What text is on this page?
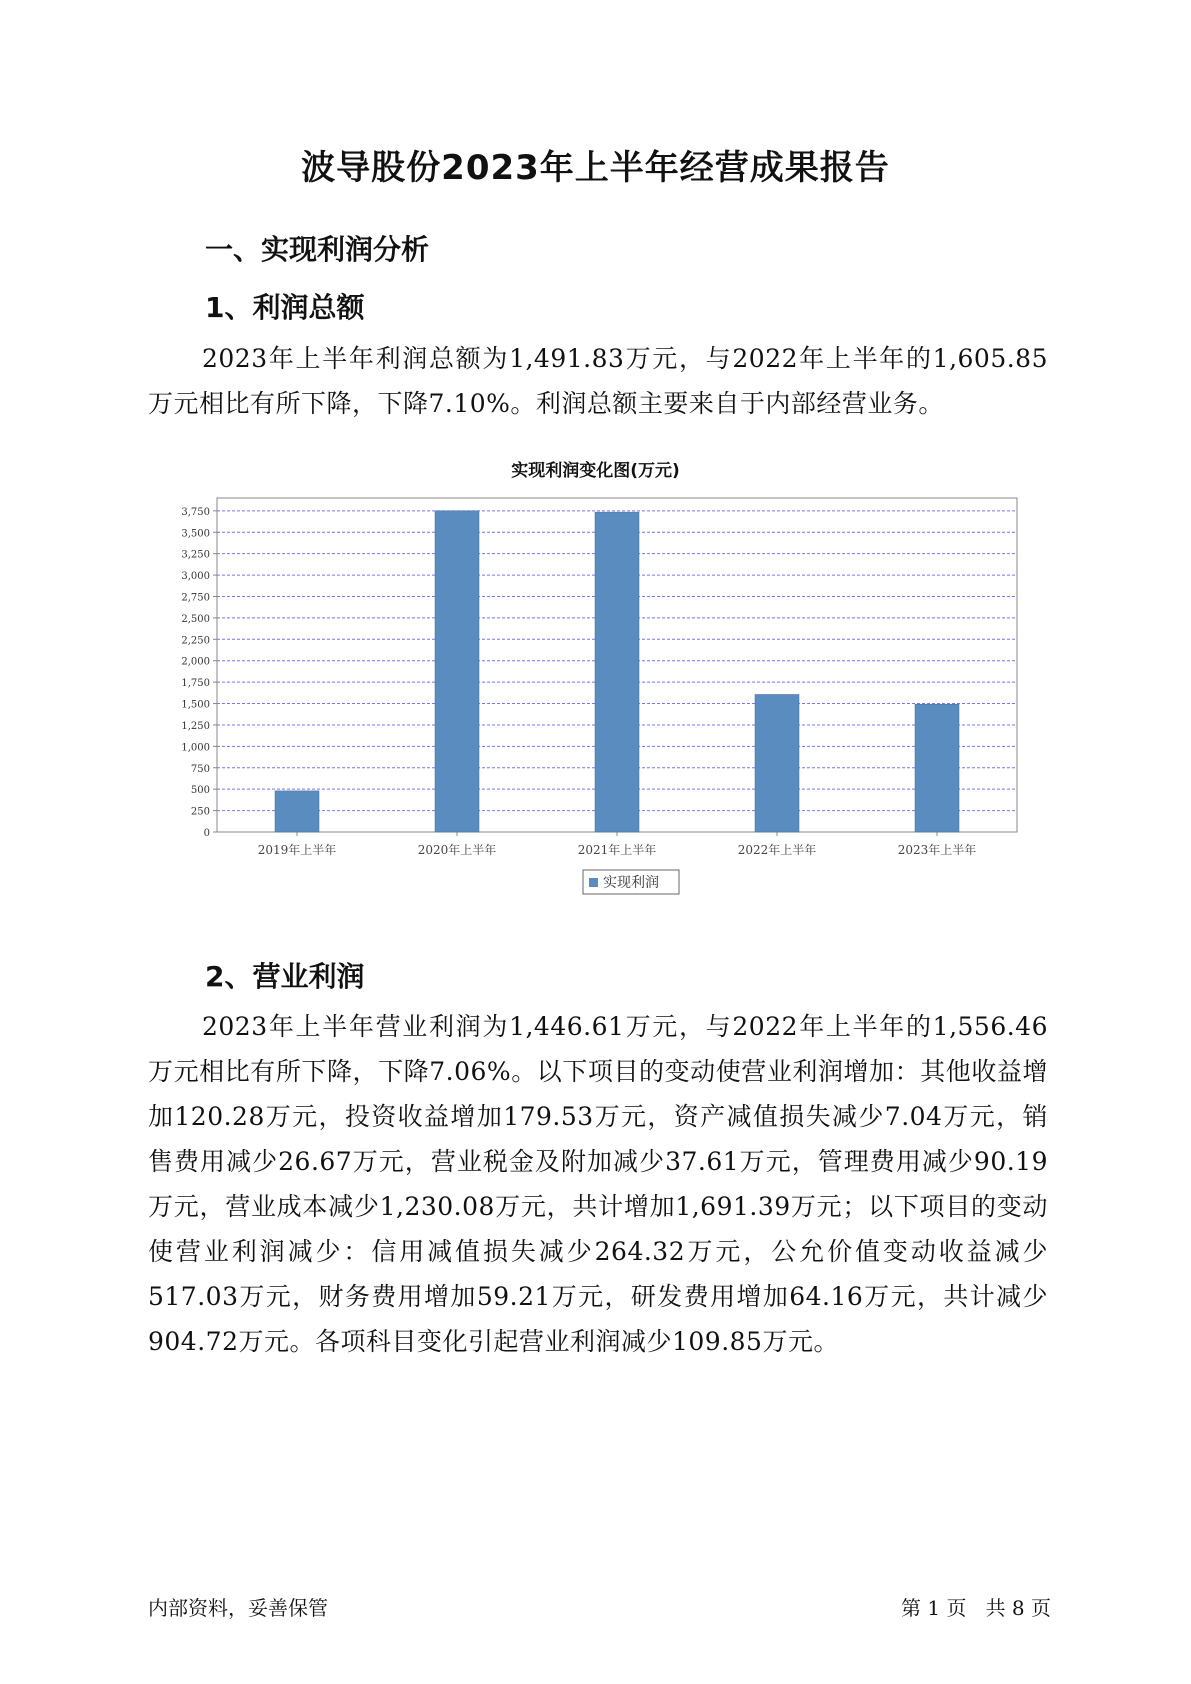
波导股份2023年上半年经营成果报告
一、实现利润分析
1、利润总额

2023年上半年利润总额为1,491.83万元，与2022年上半年的1,605.85万元相比有所下降，下降7.10%。利润总额主要来自于内部经营业务。

实现利润变化图(万元)
0
250
500
750
1,000
1,250
1,500
1,750
2,000
2,250
2,500
2,750
3,000
3,250
3,500
3,750
2019年上半年	2020年上半年	2021年上半年	2022年上半年	2023年上半年
实现利润
2、营业利润

2023年上半年营业利润为1,446.61万元，与2022年上半年的1,556.46万元相比有所下降，下降7.06%。以下项目的变动使营业利润增加：其他收益增加120.28万元，投资收益增加179.53万元，资产减值损失减少7.04万元，销售费用减少26.67万元，营业税金及附加减少37.61万元，管理费用减少90.19万元，营业成本减少1,230.08万元，共计增加1,691.39万元；以下项目的变动使营业利润减少：信用减值损失减少264.32万元，公允价值变动收益减少517.03万元，财务费用增加59.21万元，研发费用增加64.16万元，共计减少904.72万元。各项科目变化引起营业利润减少109.85万元。

内部资料，妥善保管	第 1 页   共 8 页
